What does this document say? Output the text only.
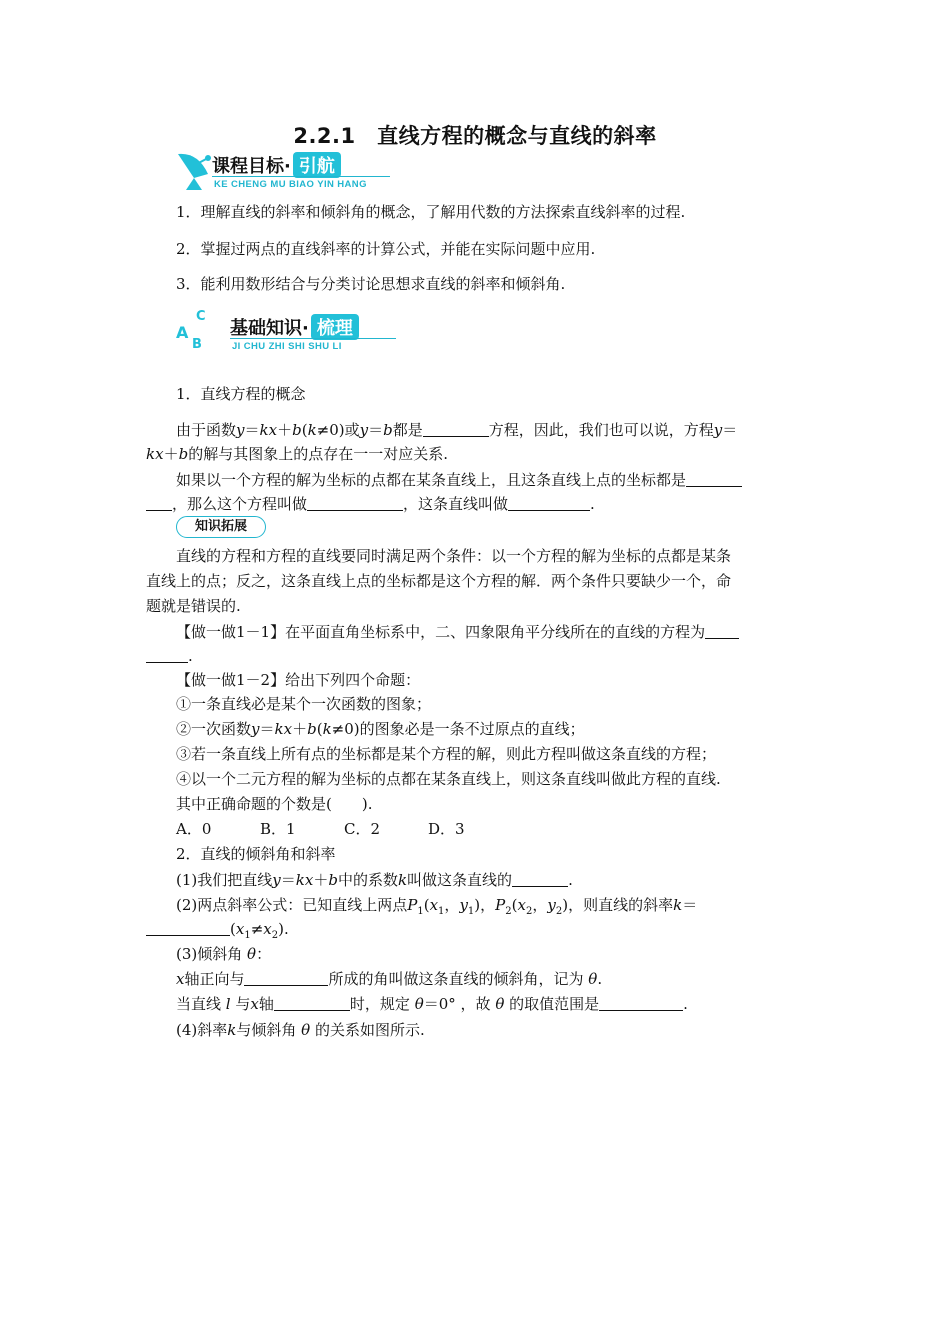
2.2.1　直线方程的概念与直线的斜率
课程目标· 引航
KE CHENG MU BIAO YIN HANG
1．理解直线的斜率和倾斜角的概念，了解用代数的方法探索直线斜率的过程.
2．掌握过两点的直线斜率的计算公式，并能在实际问题中应用.
3．能利用数形结合与分类讨论思想求直线的斜率和倾斜角.
C
A
B
基础知识· 梳理
JI CHU ZHI SHI SHU LI
1．直线方程的概念
由于函数y＝kx＋b(k≠0)或y＝b都是	方程，因此，我们也可以说，方程y＝
kx＋b的解与其图象上的点存在一一对应关系.
如果以一个方程的解为坐标的点都在某条直线上，且这条直线上点的坐标都是
，那么这个方程叫做	，这条直线叫做	.
知识拓展
直线的方程和方程的直线要同时满足两个条件：以一个方程的解为坐标的点都是某条
直线上的点；反之，这条直线上点的坐标都是这个方程的解．两个条件只要缺少一个，命
题就是错误的.
【做一做1－1】在平面直角坐标系中，二、四象限角平分线所在的直线的方程为
.
【做一做1－2】给出下列四个命题：
①一条直线必是某个一次函数的图象；
②一次函数y＝kx＋b(k≠0)的图象必是一条不过原点的直线；
③若一条直线上所有点的坐标都是某个方程的解，则此方程叫做这条直线的方程；
④以一个二元方程的解为坐标的点都在某条直线上，则这条直线叫做此方程的直线.
其中正确命题的个数是(　　).
A．0	B．1	C．2	D．3
2．直线的倾斜角和斜率
(1)我们把直线y＝kx＋b中的系数k叫做这条直线的	.
(2)两点斜率公式：已知直线上两点$P_1(x_1$，$y_1$)，$P_2(x_2$，$y_2$)，则直线的斜率k＝
$(x_1\ne x_2)$.
(3)倾斜角 θ：
x轴正向与	所成的角叫做这条直线的倾斜角，记为 θ.
当直线 l 与x轴	时，规定 θ＝0° ，故 θ 的取值范围是	.
(4)斜率k与倾斜角 θ 的关系如图所示.
